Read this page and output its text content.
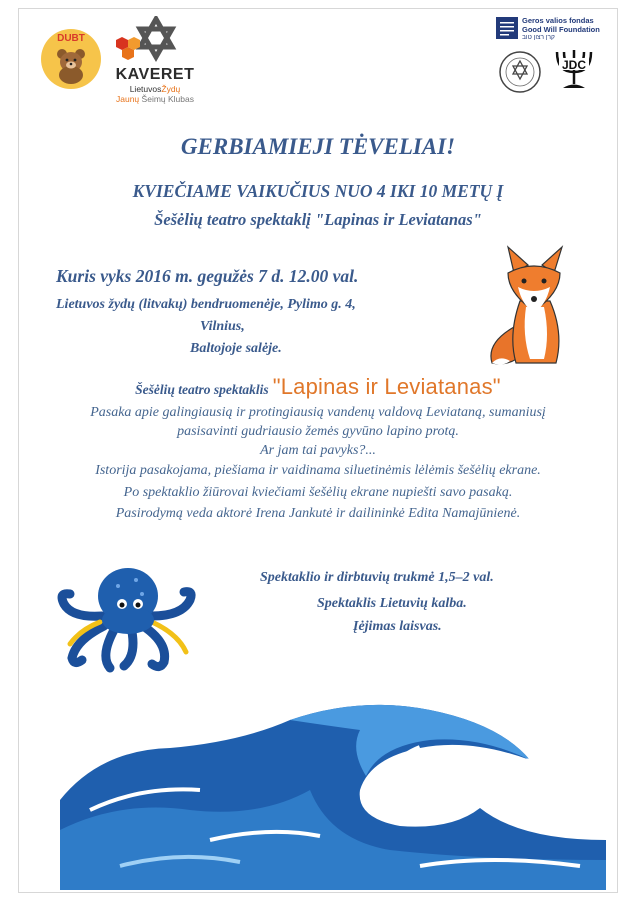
DUBT
KAVERET
LietuvosŽydų
Jaunų Šeimų Klubas
Geros valios fondas
Good Will Foundation
קרן רצון טוב
JDC
GERBIAMIEJI TĖVELIAI!
KVIEČIAME VAIKUČIUS NUO 4 IKI 10 METŲ Į
Šešėlių teatro spektaklį "Lapinas ir Leviatanas"
Kuris vyks 2016 m. gegužės 7 d. 12.00 val.
Lietuvos žydų (litvakų) bendruomenėje, Pylimo g. 4,
Vilnius,
Baltojoje salėje.
Šešėlių teatro spektaklis "Lapinas ir Leviatanas"
Pasaka apie galingiausią ir protingiausią vandenų valdovą Leviataną, sumaniusį
pasisavinti gudriausio žemės gyvūno lapino protą.
Ar jam tai pavyks?...
Istorija pasakojama, piešiama ir vaidinama siluetinėmis lėlėmis šešėlių ekrane.
Po spektaklio žiūrovai kviečiami šešėlių ekrane nupiešti savo pasaką.
Pasirodymą veda aktorė Irena Jankutė ir dailininkė Edita Namajūnienė.
Spektaklio ir dirbtuvių trukmė 1,5–2 val.
Spektaklis Lietuvių kalba.
Įėjimas laisvas.
